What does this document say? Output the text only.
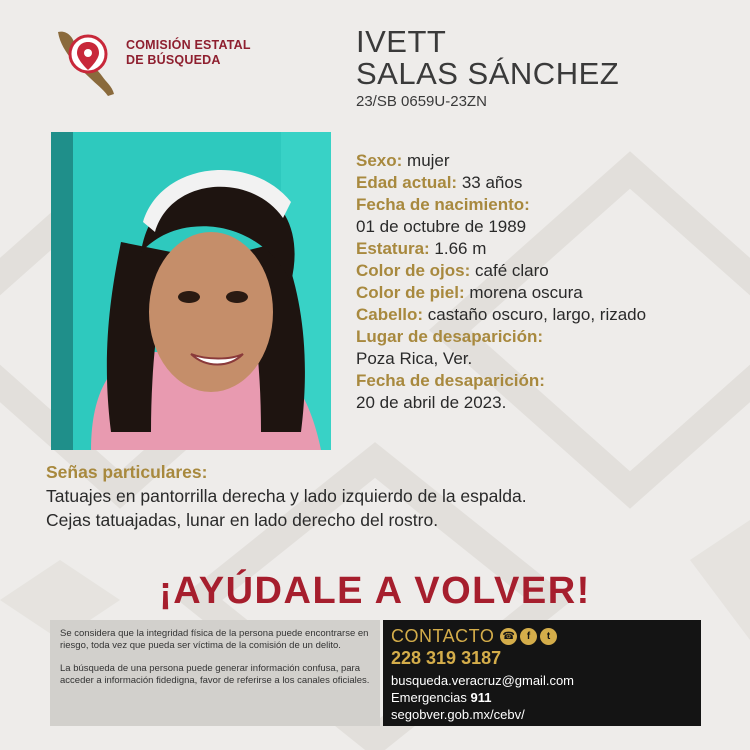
COMISIÓN ESTATAL
DE BÚSQUEDA
IVETT
SALAS SÁNCHEZ
23/SB 0659U-23ZN
Sexo: mujer
Edad actual: 33 años
Fecha de nacimiento:
01 de octubre de 1989
Estatura: 1.66 m
Color de ojos: café claro
Color de piel: morena oscura
Cabello: castaño oscuro, largo, rizado
Lugar de desaparición:
Poza Rica, Ver.
Fecha de desaparición:
20 de abril de 2023.
Señas particulares:
Tatuajes en pantorrilla derecha y lado izquierdo de la espalda.
Cejas tatuajadas, lunar en lado derecho del rostro.
¡AYÚDALE A VOLVER!

Se considera que la integridad física de la persona puede encontrarse en riesgo, toda vez que pueda ser víctima de la comisión de un delito.

La búsqueda de una persona puede generar información confusa, para acceder a información fidedigna, favor de referirse a los canales oficiales.

CONTACTO ☎	f	t
228 319 3187
busqueda.veracruz@gmail.com
Emergencias 911
segobver.gob.mx/cebv/
